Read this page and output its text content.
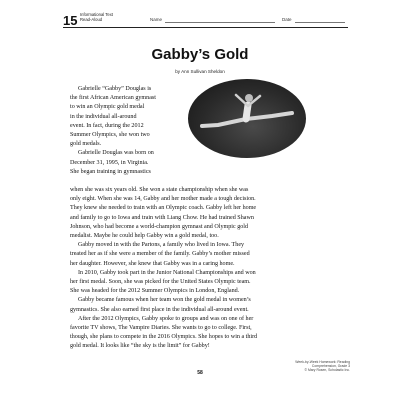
15 Informational Text
Read-Aloud	Name	Date
Gabby’s Gold
by Ann Sullivan Sheldon
Gabrielle “Gabby” Douglas is
the first African American gymnast
to win an Olympic gold medal
in the individual all-around
event. In fact, during the 2012
Summer Olympics, she won two
gold medals.
Gabrielle Douglas was born on
December 31, 1995, in Virginia.
She began training in gymnastics
when she was six years old. She won a state championship when she was
only eight. When she was 14, Gabby and her mother made a tough decision.
They knew she needed to train with an Olympic coach. Gabby left her home
and family to go to Iowa and train with Liang Chow. He had trained Shawn
Johnson, who had become a world-champion gymnast and Olympic gold
medalist. Maybe he could help Gabby win a gold medal, too.
Gabby moved in with the Partons, a family who lived in Iowa. They
treated her as if she were a member of the family. Gabby’s mother missed
her daughter. However, she knew that Gabby was in a caring home.
In 2010, Gabby took part in the Junior National Championships and won
her first medal. Soon, she was picked for the United States Olympic team.
She was headed for the 2012 Summer Olympics in London, England.
Gabby became famous when her team won the gold medal in women’s
gymnastics. She also earned first place in the individual all-around event.
After the 2012 Olympics, Gabby spoke to groups and was on one of her
favorite TV shows, The Vampire Diaries. She wants to go to college. First,
though, she plans to compete in the 2016 Olympics. She hopes to win a third
gold medal. It looks like “the sky is the limit” for Gabby!
Week-by-Week Homework: Reading Comprehension, Grade 3
© Mary Rosen, Scholastic Inc.
58
